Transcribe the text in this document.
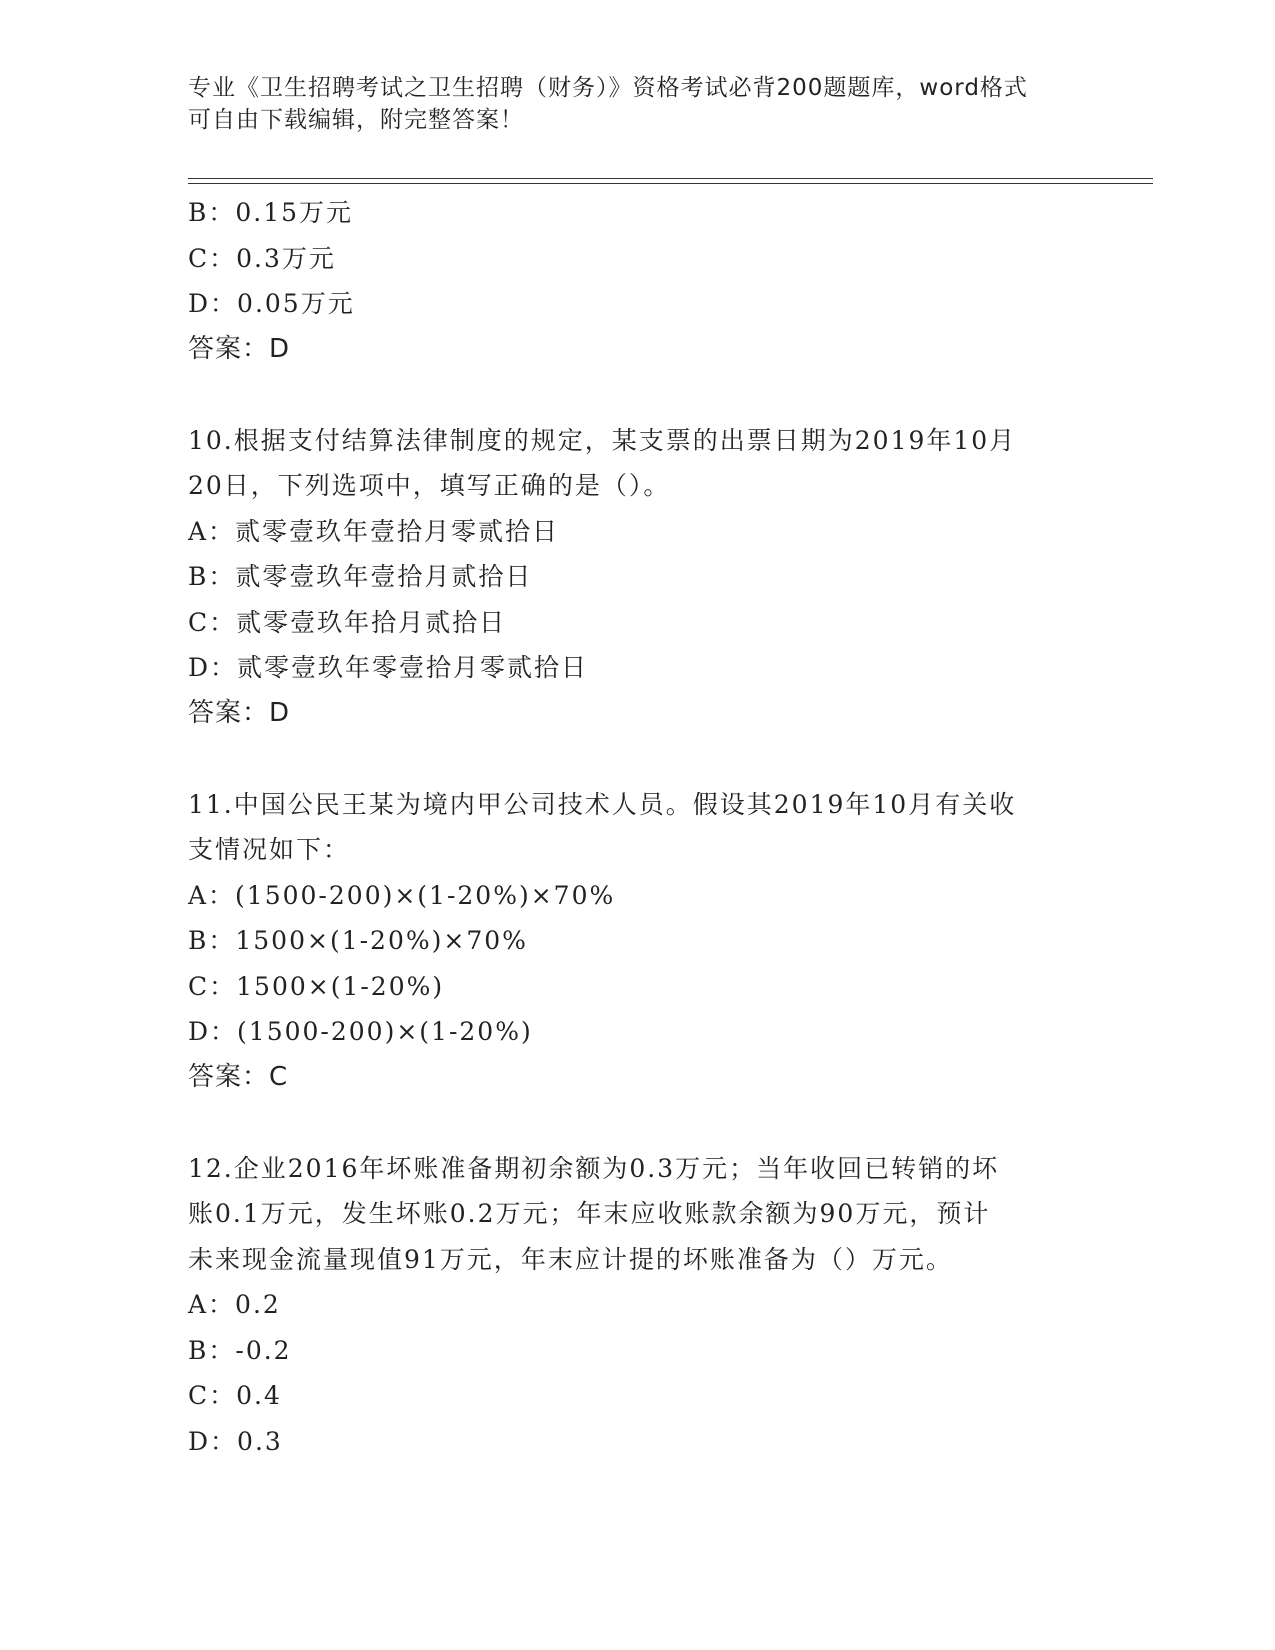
专业《卫生招聘考试之卫生招聘（财务）》资格考试必背200题题库，word格式
可自由下载编辑，附完整答案！
B：0.15万元
C：0.3万元
D：0.05万元
答案：D
10.根据支付结算法律制度的规定，某支票的出票日期为2019年10月
20日，下列选项中，填写正确的是（）。
A：贰零壹玖年壹拾月零贰拾日
B：贰零壹玖年壹拾月贰拾日
C：贰零壹玖年拾月贰拾日
D：贰零壹玖年零壹拾月零贰拾日
答案：D
11.中国公民王某为境内甲公司技术人员。假设其2019年10月有关收
支情况如下：
A：(1500-200)×(1-20%)×70%
B：1500×(1-20%)×70%
C：1500×(1-20%)
D：(1500-200)×(1-20%)
答案：C
12.企业2016年坏账准备期初余额为0.3万元；当年收回已转销的坏
账0.1万元，发生坏账0.2万元；年末应收账款余额为90万元，预计
未来现金流量现值91万元，年末应计提的坏账准备为（）万元。
A：0.2
B：-0.2
C：0.4
D：0.3
